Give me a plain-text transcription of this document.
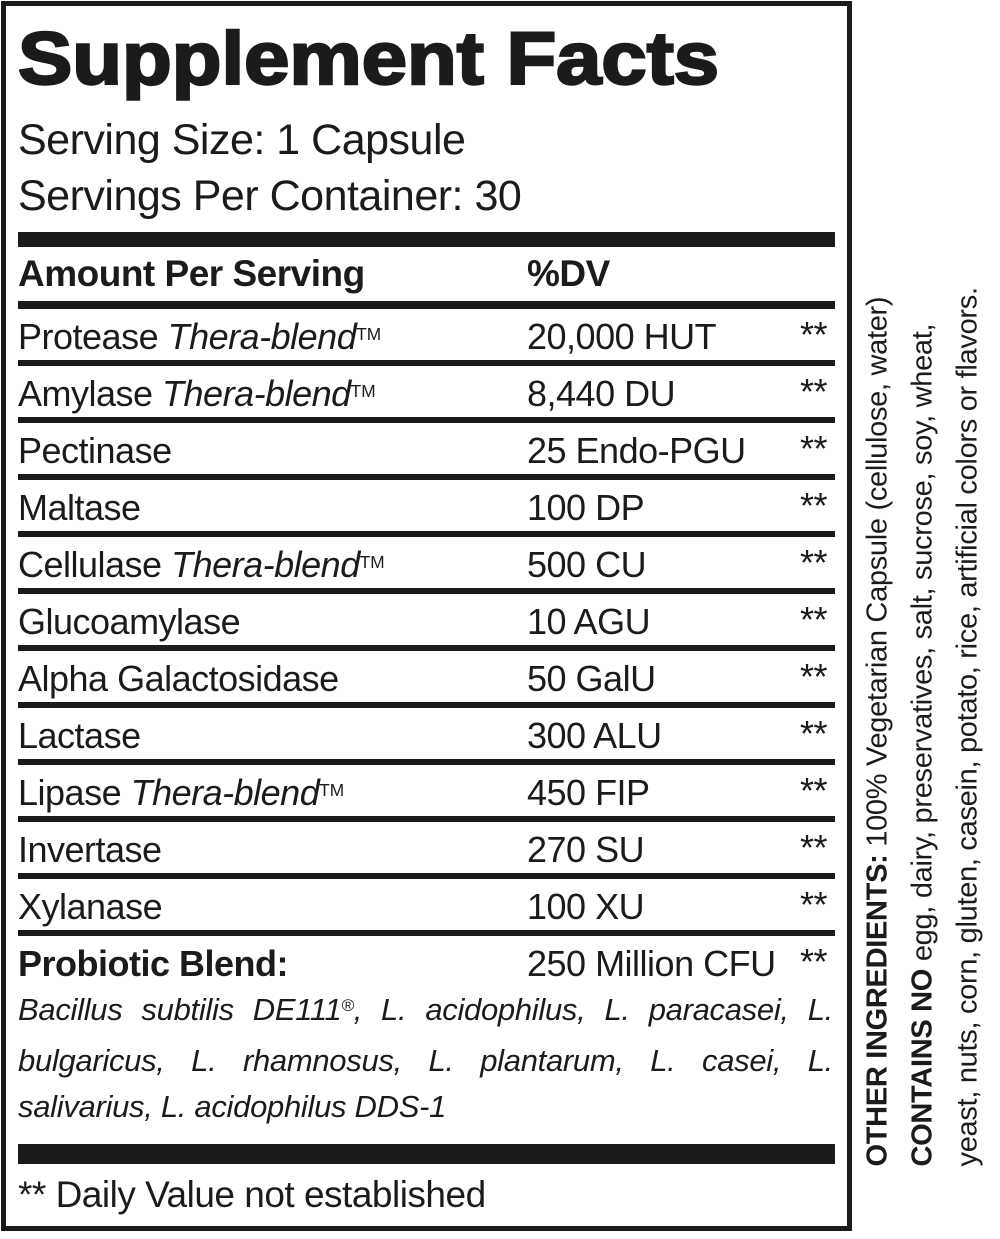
Supplement Facts
Serving Size: 1 Capsule
Servings Per Container: 30
Amount Per Serving	%DV
Protease Thera-blend™	20,000 HUT **
Amylase Thera-blend™	8,440 DU	**
Pectinase	25 Endo-PGU **
Maltase	100 DP	**
Cellulase Thera-blend™	500 CU	**
Glucoamylase	10 AGU	**
Alpha Galactosidase	50 GalU	**
Lactase	300 ALU	**
Lipase Thera-blend™	450 FIP	**
Invertase	270 SU	**
Xylanase	100 XU	**
Probiotic Blend:	250 Million CFU **
Bacillus subtilis DE111®, L. acidophilus, L. paracasei, L. bulgaricus, L. rhamnosus, L. plantarum, L. casei, L. salivarius, L. acidophilus DDS-1
** Daily Value not established
OTHER INGREDIENTS: 100% Vegetarian Capsule (cellulose, water)
CONTAINS NO egg, dairy, preservatives, salt, sucrose, soy, wheat, yeast, nuts, corn, gluten, casein, potato, rice, artificial colors or flavors.
